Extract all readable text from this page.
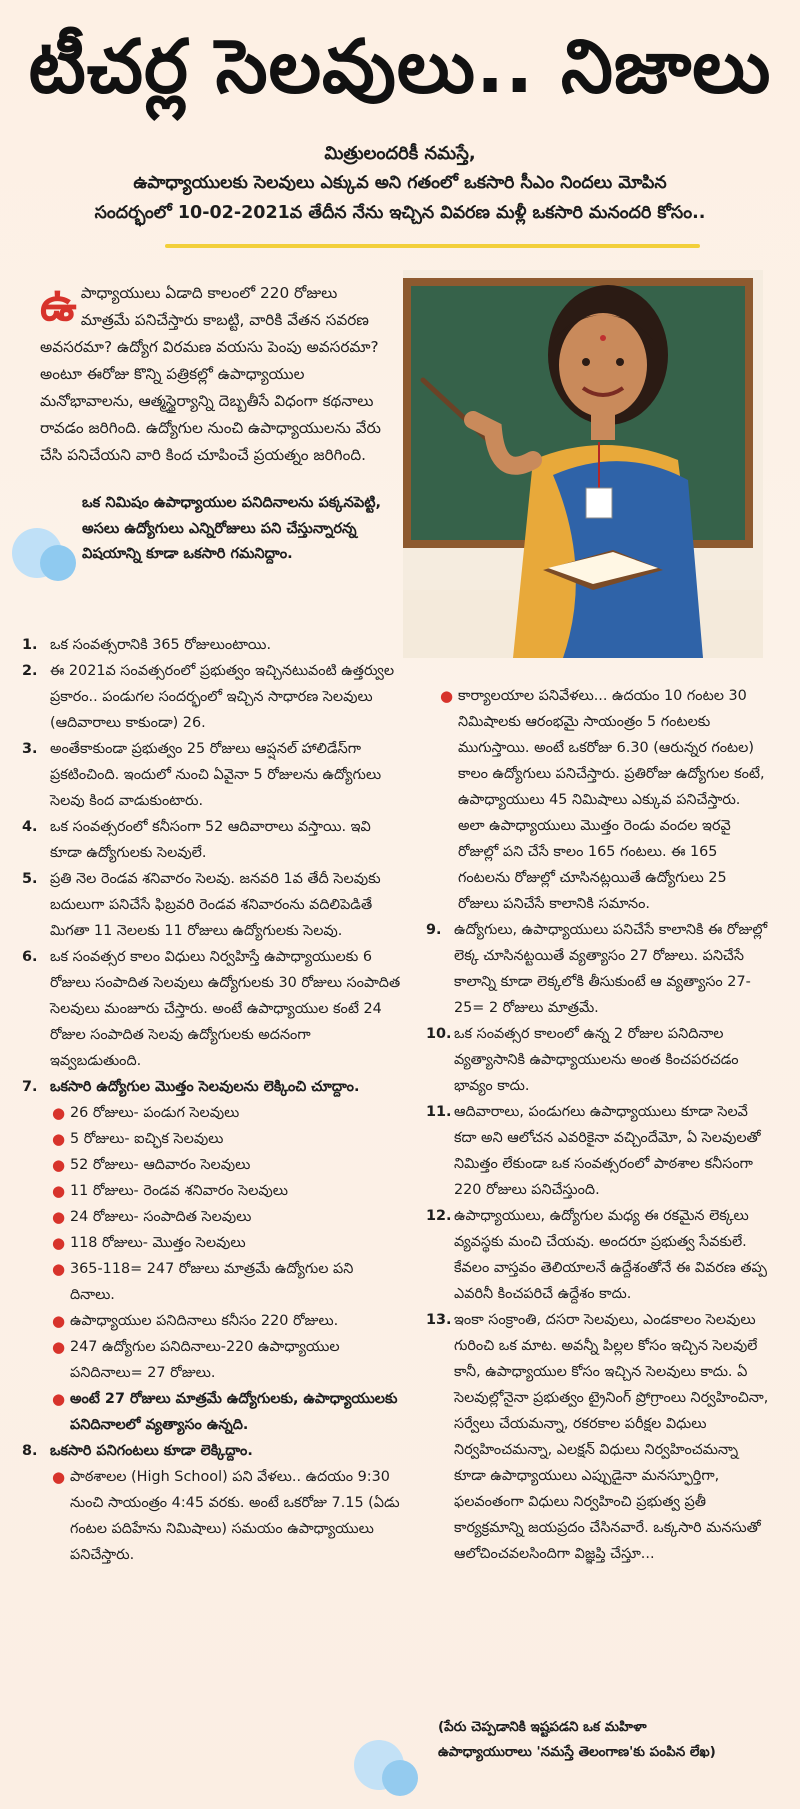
టీచర్ల సెలవులు.. నిజాలు
మిత్రులందరికీ నమస్తే,
ఉపాధ్యాయులకు సెలవులు ఎక్కువ అని గతంలో ఒకసారి సీఎం నిందలు మోపిన
సందర్భంలో 10-02-2021వ తేదీన నేను ఇచ్చిన వివరణ మళ్లీ ఒకసారి మనందరి కోసం..
ఉపాధ్యాయులు ఏడాది కాలంలో 220 రోజులు మాత్రమే పనిచేస్తారు కాబట్టి, వారికి వేతన సవరణ అవసరమా? ఉద్యోగ విరమణ వయసు పెంపు అవసరమా? అంటూ ఈరోజు కొన్ని పత్రికల్లో ఉపాధ్యాయుల మనోభావాలను, ఆత్మస్థైర్యాన్ని దెబ్బతీసే విధంగా కథనాలు రావడం జరిగింది. ఉద్యోగుల నుంచి ఉపాధ్యాయులను వేరు చేసి పనిచేయని వారి కింద చూపించే ప్రయత్నం జరిగింది.
ఒక నిమిషం ఉపాధ్యాయుల పనిదినాలను పక్కనపెట్టి, అసలు ఉద్యోగులు ఎన్నిరోజులు పని చేస్తున్నారన్న విషయాన్ని కూడా ఒకసారి గమనిద్దాం.
1. ఒక సంవత్సరానికి 365 రోజులుంటాయి.
2. ఈ 2021వ సంవత్సరంలో ప్రభుత్వం ఇచ్చినటువంటి ఉత్తర్వుల ప్రకారం.. పండుగల సందర్భంలో ఇచ్చిన సాధారణ సెలవులు (ఆదివారాలు కాకుండా) 26.
3. అంతేకాకుండా ప్రభుత్వం 25 రోజులు ఆప్షనల్ హాలిడేస్‌గా ప్రకటించింది. ఇందులో నుంచి ఏవైనా 5 రోజులను ఉద్యోగులు సెలవు కింద వాడుకుంటారు.
4. ఒక సంవత్సరంలో కనీసంగా 52 ఆదివారాలు వస్తాయి. ఇవి కూడా ఉద్యోగులకు సెలవులే.
5. ప్రతి నెల రెండవ శనివారం సెలవు. జనవరి 1వ తేదీ సెలవుకు బదులుగా పనిచేసే ఫిబ్రవరి రెండవ శనివారంను వదిలిపెడితే మిగతా 11 నెలలకు 11 రోజులు ఉద్యోగులకు సెలవు.
6. ఒక సంవత్సర కాలం విధులు నిర్వహిస్తే ఉపాధ్యాయులకు 6 రోజులు సంపాదిత సెలవులు ఉద్యోగులకు 30 రోజులు సంపాదిత సెలవులు మంజూరు చేస్తారు. అంటే ఉపాధ్యాయుల కంటే 24 రోజుల సంపాదిత సెలవు ఉద్యోగులకు అదనంగా ఇవ్వబడుతుంది.
7. ఒకసారి ఉద్యోగుల మొత్తం సెలవులను లెక్కించి చూద్దాం.
● 26 రోజులు- పండుగ సెలవులు
● 5 రోజులు- ఐచ్ఛిక సెలవులు
● 52 రోజులు- ఆదివారం సెలవులు
● 11 రోజులు- రెండవ శనివారం సెలవులు
● 24 రోజులు- సంపాదిత సెలవులు
● 118 రోజులు- మొత్తం సెలవులు
● 365-118= 247 రోజులు మాత్రమే ఉద్యోగుల పని దినాలు.
● ఉపాధ్యాయుల పనిదినాలు కనీసం 220 రోజులు.
● 247 ఉద్యోగుల పనిదినాలు-220 ఉపాధ్యాయుల పనిదినాలు= 27 రోజులు.
● అంటే 27 రోజులు మాత్రమే ఉద్యోగులకు, ఉపాధ్యాయులకు పనిదినాలలో వ్యత్యాసం ఉన్నది.
8. ఒకసారి పనిగంటలు కూడా లెక్కిద్దాం.
● పాఠశాలల (High School) పని వేళలు.. ఉదయం 9:30 నుంచి సాయంత్రం 4:45 వరకు. అంటే ఒకరోజు 7.15 (ఏడు గంటల పదిహేను నిమిషాలు) సమయం ఉపాధ్యాయులు పనిచేస్తారు.
● కార్యాలయాల పనివేళలు... ఉదయం 10 గంటల 30 నిమిషాలకు ఆరంభమై సాయంత్రం 5 గంటలకు ముగుస్తాయి. అంటే ఒకరోజు 6.30 (ఆరున్నర గంటల) కాలం ఉద్యోగులు పనిచేస్తారు. ప్రతిరోజు ఉద్యోగుల కంటే, ఉపాధ్యాయులు 45 నిమిషాలు ఎక్కువ పనిచేస్తారు. అలా ఉపాధ్యాయులు మొత్తం రెండు వందల ఇరవై రోజుల్లో పని చేసే కాలం 165 గంటలు. ఈ 165 గంటలను రోజుల్లో చూసినట్లయితే ఉద్యోగులు 25 రోజులు పనిచేసే కాలానికి సమానం.
9. ఉద్యోగులు, ఉపాధ్యాయులు పనిచేసే కాలానికి ఈ రోజుల్లో లెక్క చూసినట్టయితే వ్యత్యాసం 27 రోజులు. పనిచేసే కాలాన్ని కూడా లెక్కలోకి తీసుకుంటే ఆ వ్యత్యాసం 27-25= 2 రోజులు మాత్రమే.
10. ఒక సంవత్సర కాలంలో ఉన్న 2 రోజుల పనిదినాల వ్యత్యాసానికి ఉపాధ్యాయులను అంత కించపరచడం భావ్యం కాదు.
11. ఆదివారాలు, పండుగలు ఉపాధ్యాయులు కూడా సెలవే కదా అని ఆలోచన ఎవరికైనా వచ్చిందేమో, ఏ సెలవులతో నిమిత్తం లేకుండా ఒక సంవత్సరంలో పాఠశాల కనీసంగా 220 రోజులు పనిచేస్తుంది.
12. ఉపాధ్యాయులు, ఉద్యోగుల మధ్య ఈ రకమైన లెక్కలు వ్యవస్థకు మంచి చేయవు. అందరూ ప్రభుత్వ సేవకులే. కేవలం వాస్తవం తెలియాలనే ఉద్దేశంతోనే ఈ వివరణ తప్ప ఎవరినీ కించపరిచే ఉద్దేశం కాదు.
13. ఇంకా సంక్రాంతి, దసరా సెలవులు, ఎండకాలం సెలవులు గురించి ఒక మాట. అవన్నీ పిల్లల కోసం ఇచ్చిన సెలవులే కానీ, ఉపాధ్యాయుల కోసం ఇచ్చిన సెలవులు కాదు. ఏ సెలవుల్లోనైనా ప్రభుత్వం ట్రైనింగ్ ప్రోగ్రాంలు నిర్వహించినా, సర్వేలు చేయమన్నా, రకరకాల పరీక్షల విధులు నిర్వహించమన్నా, ఎలక్షన్ విధులు నిర్వహించమన్నా కూడా ఉపాధ్యాయులు ఎప్పుడైనా మనస్ఫూర్తిగా, ఫలవంతంగా విధులు నిర్వహించి ప్రభుత్వ ప్రతీ కార్యక్రమాన్ని జయప్రదం చేసినవారే. ఒక్కసారి మనసుతో ఆలోచించవలసిందిగా విజ్ఞప్తి చేస్తూ...
(పేరు చెప్పడానికి ఇష్టపడని ఒక మహిళా ఉపాధ్యాయురాలు 'నమస్తే తెలంగాణ'కు పంపిన లేఖ)
